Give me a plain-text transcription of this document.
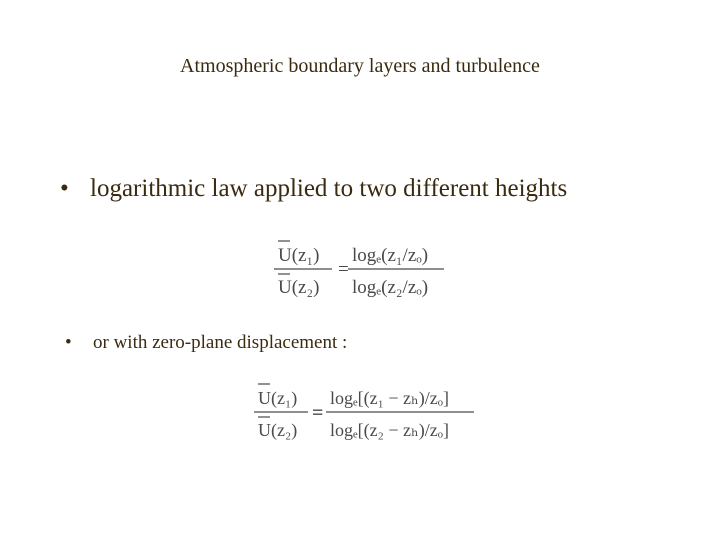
Atmospheric boundary layers and turbulence
• logarithmic law applied to two different heights
U(z₁)
U(z₂)
=
logₑ(z₁/zₒ)
logₑ(z₂/zₒ)
• or with zero-plane displacement :
U(z₁)
U(z₂)
=
logₑ[(z₁ − zₕ)/zₒ]
logₑ[(z₂ − zₕ)/zₒ]
